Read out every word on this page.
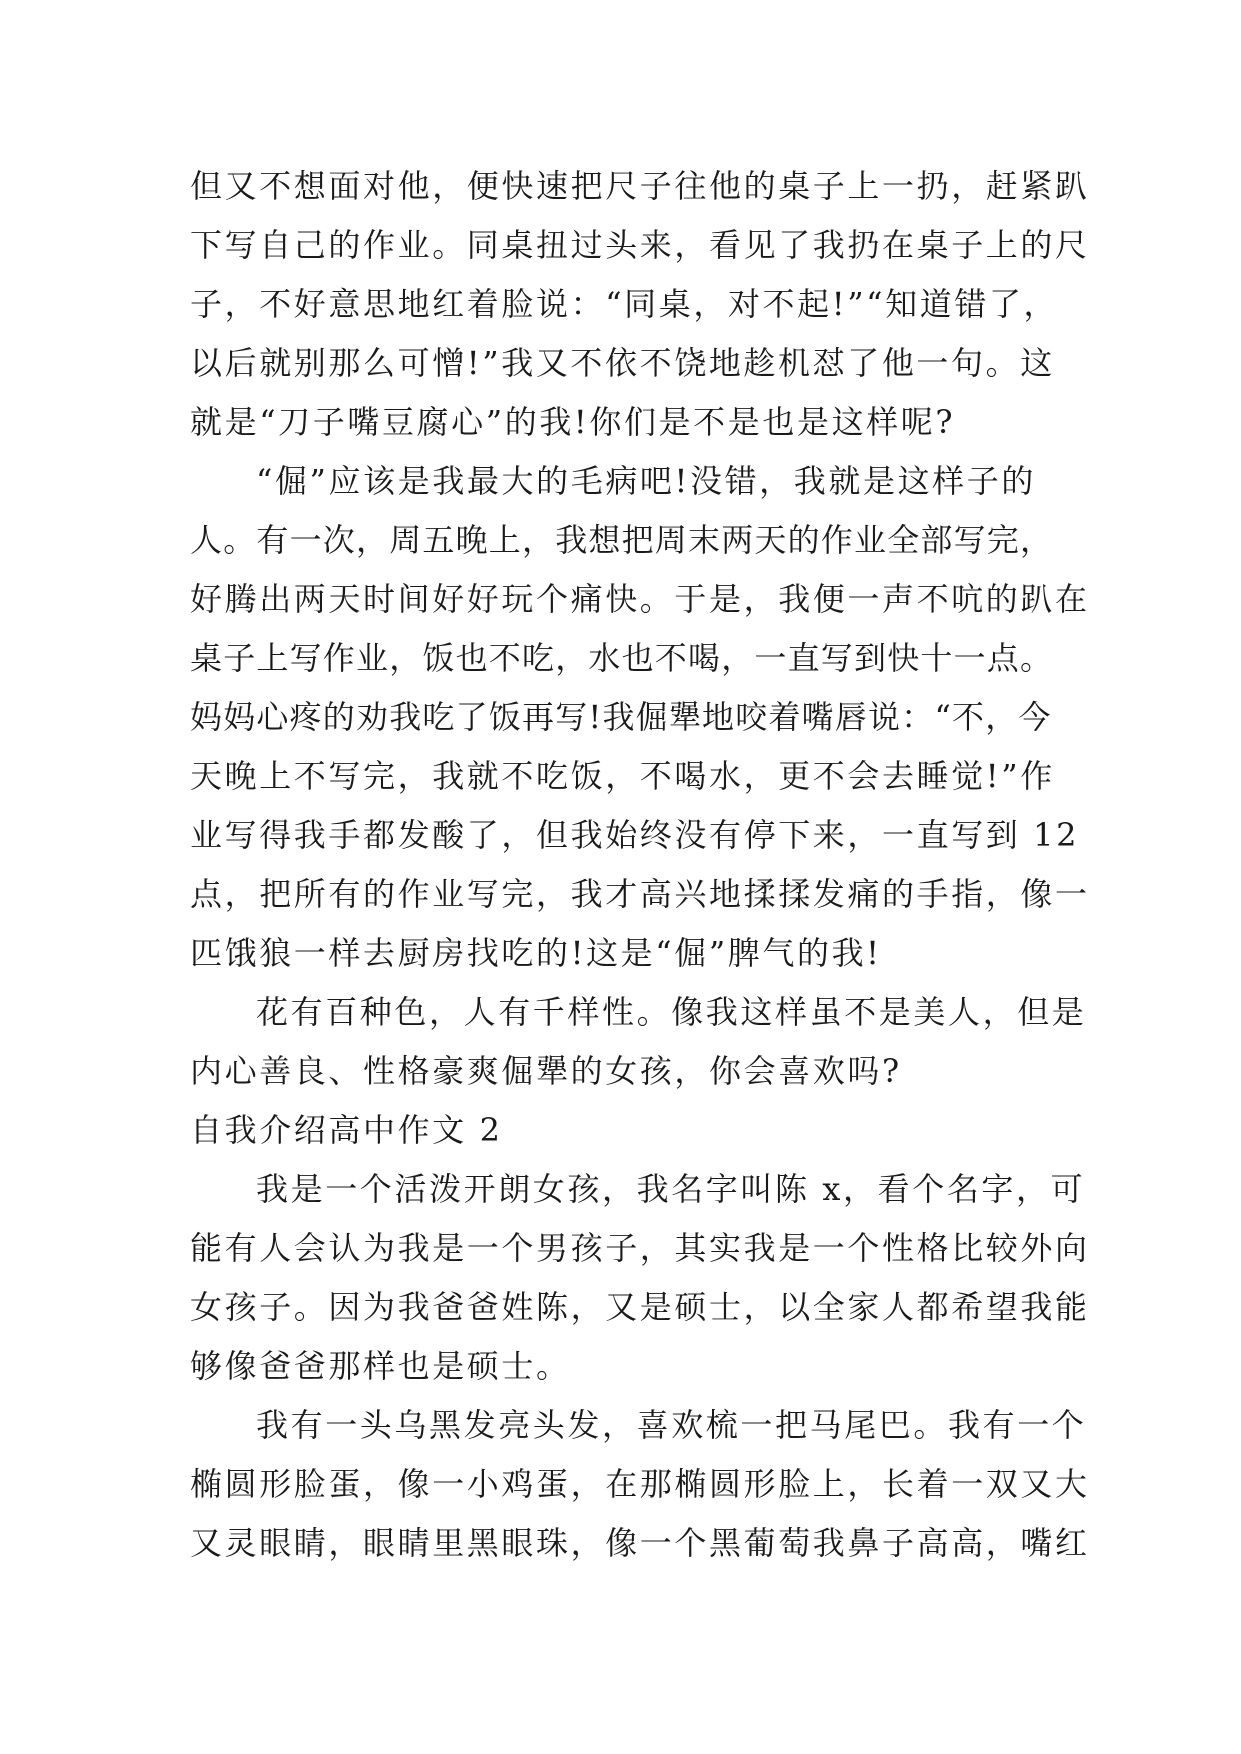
但又不想面对他，便快速把尺子往他的桌子上一扔，赶紧趴
下写自己的作业。同桌扭过头来，看见了我扔在桌子上的尺
子，不好意思地红着脸说：“同桌，对不起!”“知道错了，
以后就别那么可憎!”我又不依不饶地趁机怼了他一句。这
就是“刀子嘴豆腐心”的我!你们是不是也是这样呢?
“倔”应该是我最大的毛病吧!没错，我就是这样子的
人。有一次，周五晚上，我想把周末两天的作业全部写完，
好腾出两天时间好好玩个痛快。于是，我便一声不吭的趴在
桌子上写作业，饭也不吃，水也不喝，一直写到快十一点。
妈妈心疼的劝我吃了饭再写!我倔犟地咬着嘴唇说：“不，今
天晚上不写完，我就不吃饭，不喝水，更不会去睡觉!”作
业写得我手都发酸了，但我始终没有停下来，一直写到 12
点，把所有的作业写完，我才高兴地揉揉发痛的手指，像一
匹饿狼一样去厨房找吃的!这是“倔”脾气的我!
花有百种色，人有千样性。像我这样虽不是美人，但是
内心善良、性格豪爽倔犟的女孩，你会喜欢吗?
自我介绍高中作文 2
我是一个活泼开朗女孩，我名字叫陈 x，看个名字，可
能有人会认为我是一个男孩子，其实我是一个性格比较外向
女孩子。因为我爸爸姓陈，又是硕士，以全家人都希望我能
够像爸爸那样也是硕士。
我有一头乌黑发亮头发，喜欢梳一把马尾巴。我有一个
椭圆形脸蛋，像一小鸡蛋，在那椭圆形脸上，长着一双又大
又灵眼睛，眼睛里黑眼珠，像一个黑葡萄我鼻子高高，嘴红
